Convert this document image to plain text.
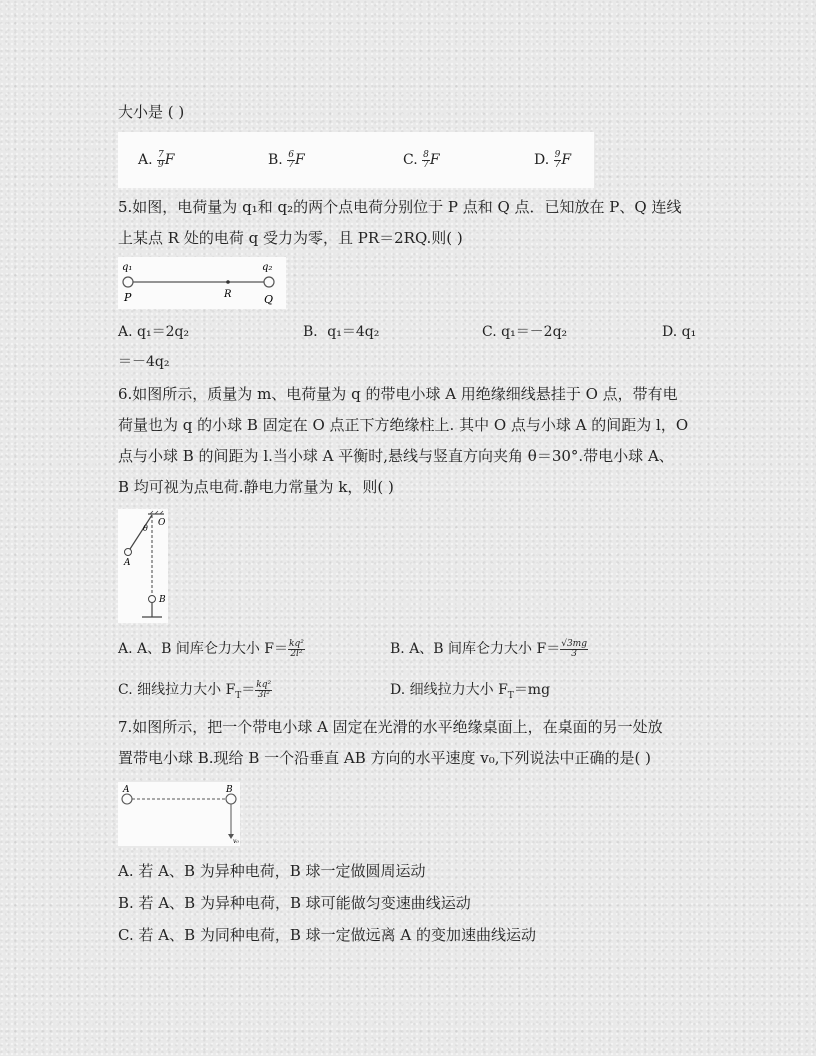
大小是 ( )
A. $\frac{7}{9}$ F	B. $\frac{6}{7}$ F	C. $\frac{8}{7}$ F	D. $\frac{9}{7}$ F
5.如图，电荷量为 q₁和 q₂的两个点电荷分别位于 P 点和 Q 点．已知放在 P、Q 连线
上某点 R 处的电荷 q 受力为零，且 PR＝2RQ.则( )
q₁	q₂
P	R	Q
A. q₁＝2q₂	B．q₁＝4q₂	C. q₁＝－2q₂	D. q₁
＝－4q₂
6.如图所示，质量为 m、电荷量为 q 的带电小球 A 用绝缘细线悬挂于 O 点，带有电
荷量也为 q 的小球 B 固定在 O 点正下方绝缘柱上. 其中 O 点与小球 A 的间距为 l，O
点与小球 B 的间距为 l.当小球 A 平衡时,悬线与竖直方向夹角 θ＝30°.带电小球 A、
B 均可视为点电荷.静电力常量为 k，则( )
O
θ
A
B
A. A、B 间库仑力大小 $F= \frac{\text{kq²}}{\text{2l²}}$	B. A、B 间库仑力大小 $F= \frac{√3mg}{3}$
C. 细线拉力大小 $F_T= \frac{\text{kq²}}{\text{3l²}}$	D. 细线拉力大小 $F_T=mg$
7.如图所示，把一个带电小球 A 固定在光滑的水平绝缘桌面上，在桌面的另一处放
置带电小球 B.现给 B 一个沿垂直 AB 方向的水平速度 v₀,下列说法中正确的是( )
A	B
v₀
A. 若 A、B 为异种电荷，B 球一定做圆周运动
B. 若 A、B 为异种电荷，B 球可能做匀变速曲线运动
C. 若 A、B 为同种电荷，B 球一定做远离 A 的变加速曲线运动
